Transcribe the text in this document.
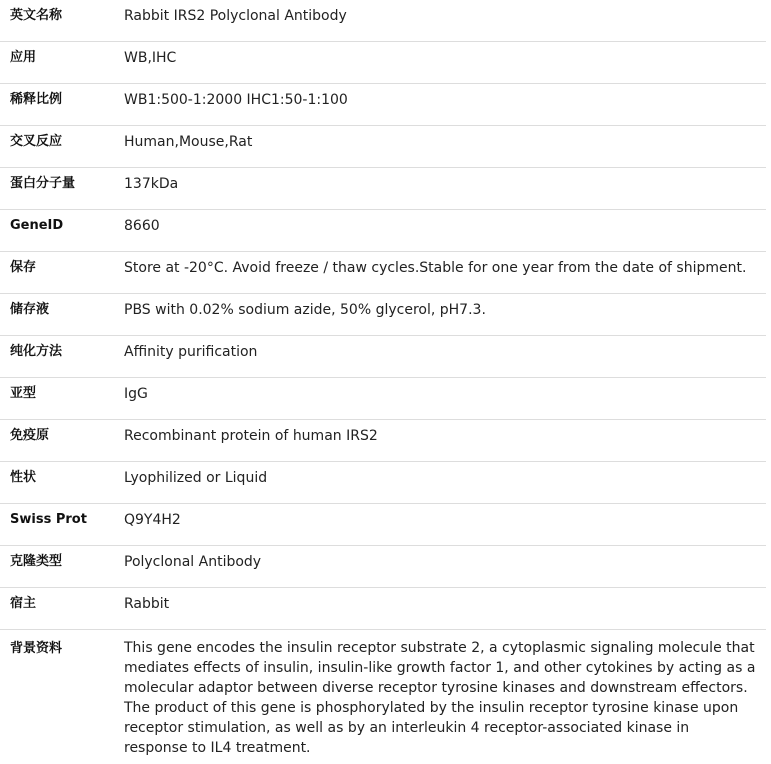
英文名称	Rabbit IRS2 Polyclonal Antibody
应用	WB,IHC
稀释比例	WB1:500-1:2000 IHC1:50-1:100
交叉反应	Human,Mouse,Rat
蛋白分子量	137kDa
GeneID	8660
保存	Store at -20°C. Avoid freeze / thaw cycles.Stable for one year from the date of shipment.
储存液	PBS with 0.02% sodium azide, 50% glycerol, pH7.3.
纯化方法	Affinity purification
亚型	IgG
免疫原	Recombinant protein of human IRS2
性状	Lyophilized or Liquid
Swiss Prot	Q9Y4H2
克隆类型	Polyclonal Antibody
宿主	Rabbit
背景资料	This gene encodes the insulin receptor substrate 2, a cytoplasmic signaling molecule that mediates effects of insulin, insulin-like growth factor 1, and other cytokines by acting as a molecular adaptor between diverse receptor tyrosine kinases and downstream effectors. The product of this gene is phosphorylated by the insulin receptor tyrosine kinase upon receptor stimulation, as well as by an interleukin 4 receptor-associated kinase in response to IL4 treatment.
